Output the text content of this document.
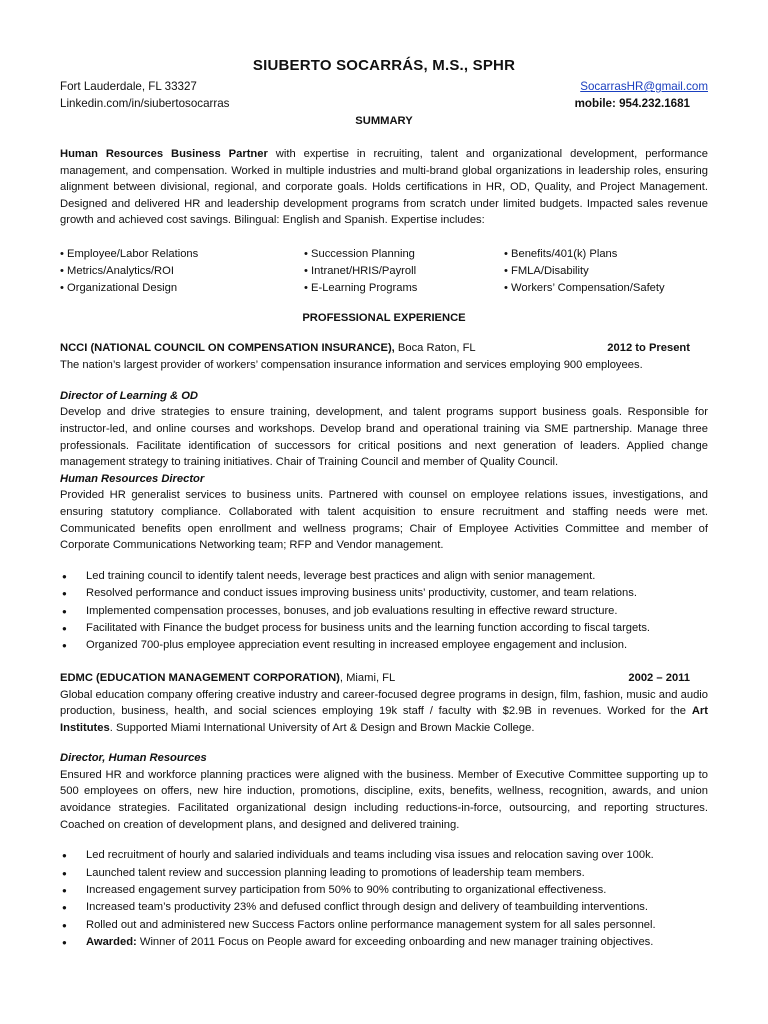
SIUBERTO SOCARRÁS, M.S., SPHR
Fort Lauderdale, FL 33327	SocarrasHR@gmail.com
Linkedin.com/in/siubertosocarras	mobile: 954.232.1681
SUMMARY
Human Resources Business Partner with expertise in recruiting, talent and organizational development, performance management, and compensation. Worked in multiple industries and multi-brand global organizations in leadership roles, ensuring alignment between divisional, regional, and corporate goals. Holds certifications in HR, OD, Quality, and Project Management. Designed and delivered HR and leadership development programs from scratch under limited budgets. Impacted sales revenue growth and achieved cost savings. Bilingual: English and Spanish. Expertise includes:
• Employee/Labor Relations
• Metrics/Analytics/ROI
• Organizational Design
• Succession Planning
• Intranet/HRIS/Payroll
• E-Learning Programs
• Benefits/401(k) Plans
• FMLA/Disability
• Workers’ Compensation/Safety
PROFESSIONAL EXPERIENCE
NCCI (NATIONAL COUNCIL ON COMPENSATION INSURANCE), Boca Raton, FL	2012 to Present
The nation’s largest provider of workers’ compensation insurance information and services employing 900 employees.
Director of Learning & OD
Develop and drive strategies to ensure training, development, and talent programs support business goals. Responsible for instructor-led, and online courses and workshops. Develop brand and operational training via SME partnership. Manage three professionals. Facilitate identification of successors for critical positions and next generation of leaders. Applied change management strategy to training initiatives. Chair of Training Council and member of Quality Council.
Human Resources Director
Provided HR generalist services to business units. Partnered with counsel on employee relations issues, investigations, and ensuring statutory compliance. Collaborated with talent acquisition to ensure recruitment and staffing needs were met. Communicated benefits open enrollment and wellness programs; Chair of Employee Activities Committee and member of Corporate Communications Networking team; RFP and Vendor management.
● Led training council to identify talent needs, leverage best practices and align with senior management.
● Resolved performance and conduct issues improving business units’ productivity, customer, and team relations.
● Implemented compensation processes, bonuses, and job evaluations resulting in effective reward structure.
● Facilitated with Finance the budget process for business units and the learning function according to fiscal targets.
● Organized 700-plus employee appreciation event resulting in increased employee engagement and inclusion.
EDMC (EDUCATION MANAGEMENT CORPORATION), Miami, FL	2002 – 2011
Global education company offering creative industry and career-focused degree programs in design, film, fashion, music and audio production, business, health, and social sciences employing 19k staff / faculty with $2.9B in revenues. Worked for the Art Institutes. Supported Miami International University of Art & Design and Brown Mackie College.
Director, Human Resources
Ensured HR and workforce planning practices were aligned with the business. Member of Executive Committee supporting up to 500 employees on offers, new hire induction, promotions, discipline, exits, benefits, wellness, recognition, awards, and union avoidance strategies. Facilitated organizational design including reductions-in-force, outsourcing, and reporting structures. Coached on creation of development plans, and designed and delivered training.
● Led recruitment of hourly and salaried individuals and teams including visa issues and relocation saving over 100k.
● Launched talent review and succession planning leading to promotions of leadership team members.
● Increased engagement survey participation from 50% to 90% contributing to organizational effectiveness.
● Increased team’s productivity 23% and defused conflict through design and delivery of teambuilding interventions.
● Rolled out and administered new Success Factors online performance management system for all sales personnel.
● Awarded: Winner of 2011 Focus on People award for exceeding onboarding and new manager training objectives.
